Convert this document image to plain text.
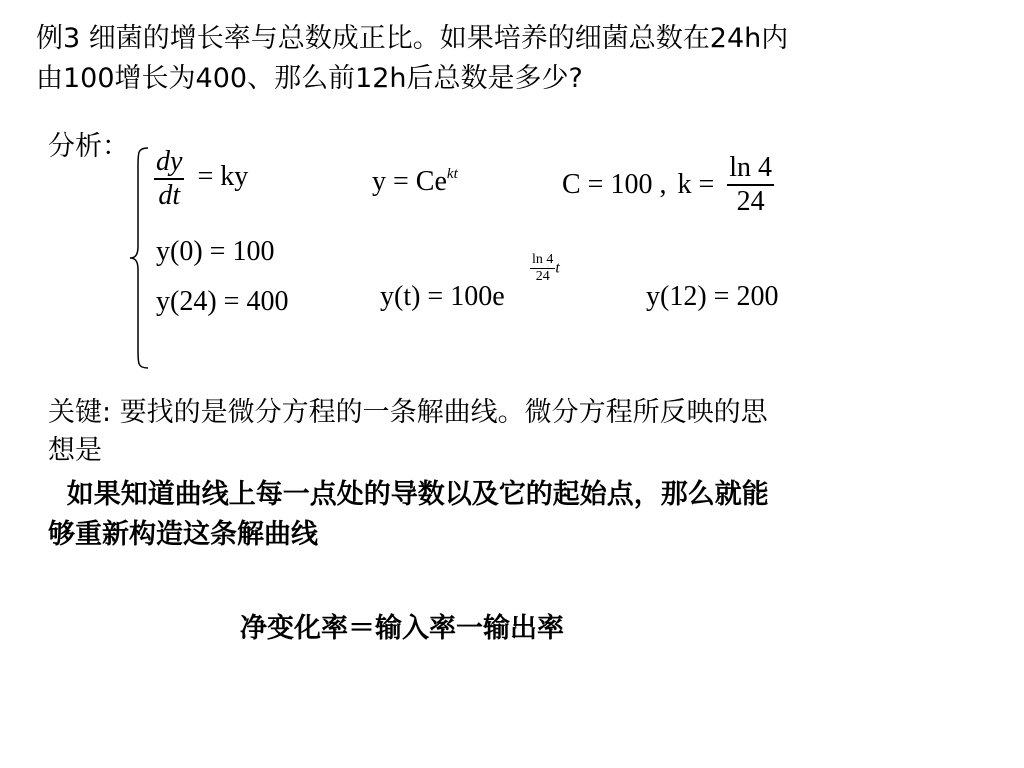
例3 细菌的增长率与总数成正比。如果培养的细菌总数在24h内
由100增长为400、那么前12h后总数是多少?
分析： $\frac{dy}{dt}$ = ky
y(0) = 100
y(24) = 400
$y = Ce^{kt}$	C = 100 , $k = \frac{\ln 4}{24}$
y(t) = 100e
$\frac{\ln 4}{24}$ t
y(12) = 200
关键: 要找的是微分方程的一条解曲线。微分方程所反映的思
想是
如果知道曲线上每一点处的导数以及它的起始点，那么就能
够重新构造这条解曲线
净变化率＝输入率一输出率
